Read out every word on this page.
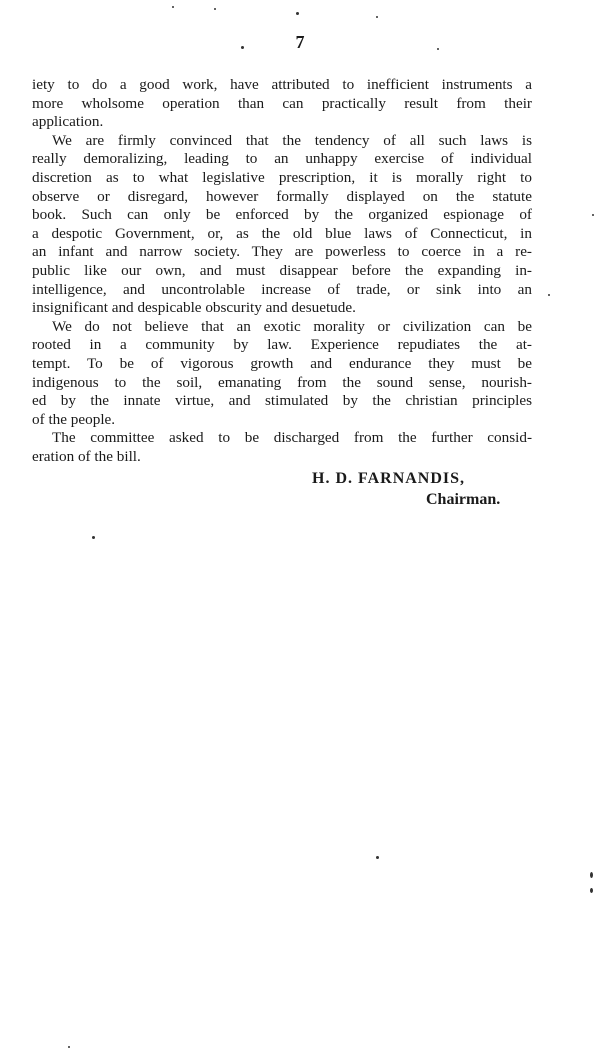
7
iety to do a good work, have attributed to inefficient instruments a
more wholsome operation than can practically result from their
application.
We are firmly convinced that the tendency of all such laws is
really demoralizing, leading to an unhappy exercise of individual
discretion as to what legislative prescription, it is morally right to
observe or disregard, however formally displayed on the statute
book. Such can only be enforced by the organized espionage of
a despotic Government, or, as the old blue laws of Connecticut, in
an infant and narrow society. They are powerless to coerce in a re-
public like our own, and must disappear before the expanding in-
intelligence, and uncontrolable increase of trade, or sink into an
insignificant and despicable obscurity and desuetude.
We do not believe that an exotic morality or civilization can be
rooted in a community by law. Experience repudiates the at-
tempt. To be of vigorous growth and endurance they must be
indigenous to the soil, emanating from the sound sense, nourish-
ed by the innate virtue, and stimulated by the christian principles
of the people.
The committee asked to be discharged from the further consid-
eration of the bill.
H. D. FARNANDIS,
Chairman.
